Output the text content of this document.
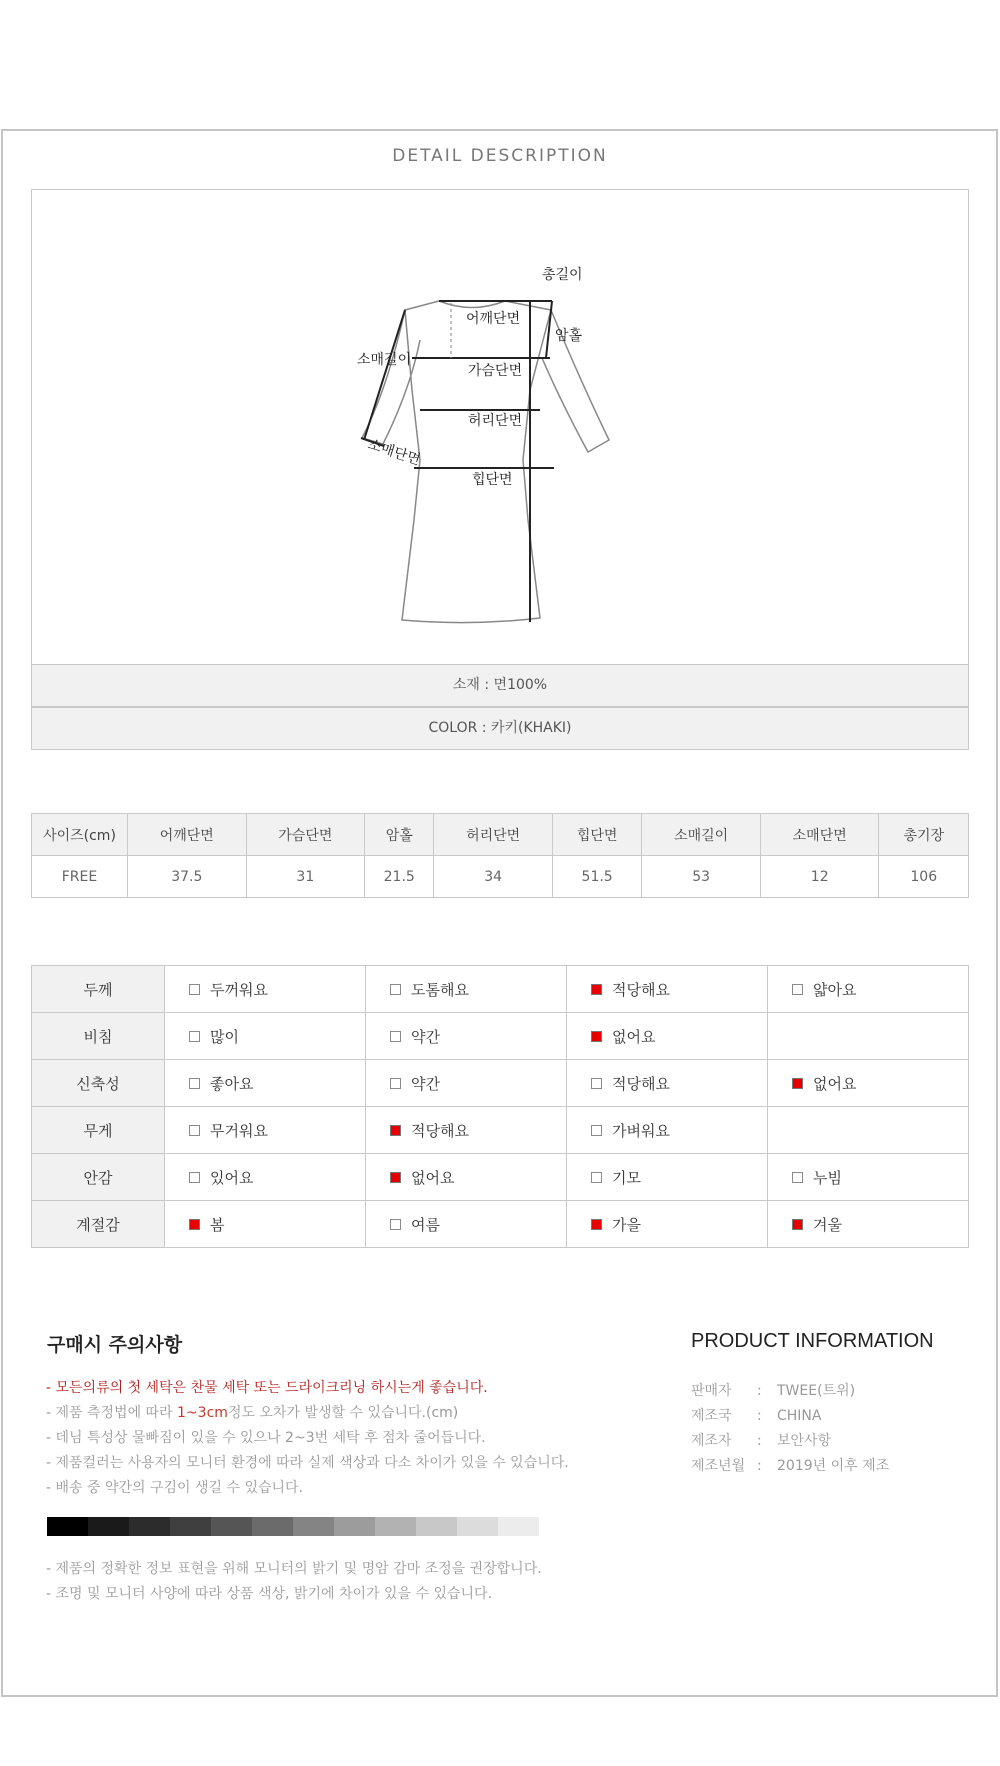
DETAIL DESCRIPTION
총길이
어깨단면
암홀
소매길이
가슴단면
허리단면
소매단면
힙단면
소재 : 면100%
COLOR : 카키(KHAKI)
사이즈(cm)	어깨단면	가슴단면	암홀	허리단면	힙단면	소매길이	소매단면	총기장
FREE	37.5	31	21.5	34	51.5	53	12	106
두께	두꺼워요	도톰해요	적당해요	얇아요
비침	많이	약간	없어요	
신축성	좋아요	약간	적당해요	없어요
무게	무거워요	적당해요	가벼워요	
안감	있어요	없어요	기모	누빔
계절감	봄	여름	가을	겨울
구매시 주의사항
- 모든의류의 첫 세탁은 찬물 세탁 또는 드라이크리닝 하시는게 좋습니다.
- 제품 측정법에 따라 1~3cm정도 오차가 발생할 수 있습니다.(cm)
- 데님 특성상 물빠짐이 있을 수 있으나 2~3번 세탁 후 점차 줄어듭니다.
- 제품컬러는 사용자의 모니터 환경에 따라 실제 색상과 다소 차이가 있을 수 있습니다.
- 배송 중 약간의 구김이 생길 수 있습니다.
- 제품의 정확한 정보 표현을 위해 모니터의 밝기 및 명암 감마 조정을 권장합니다.
- 조명 및 모니터 사양에 따라 상품 색상, 밝기에 차이가 있을 수 있습니다.
PRODUCT INFORMATION
판매자	:	TWEE(트위)
제조국	:	CHINA
제조자	:	보안사항
제조년월 :	2019년 이후 제조
